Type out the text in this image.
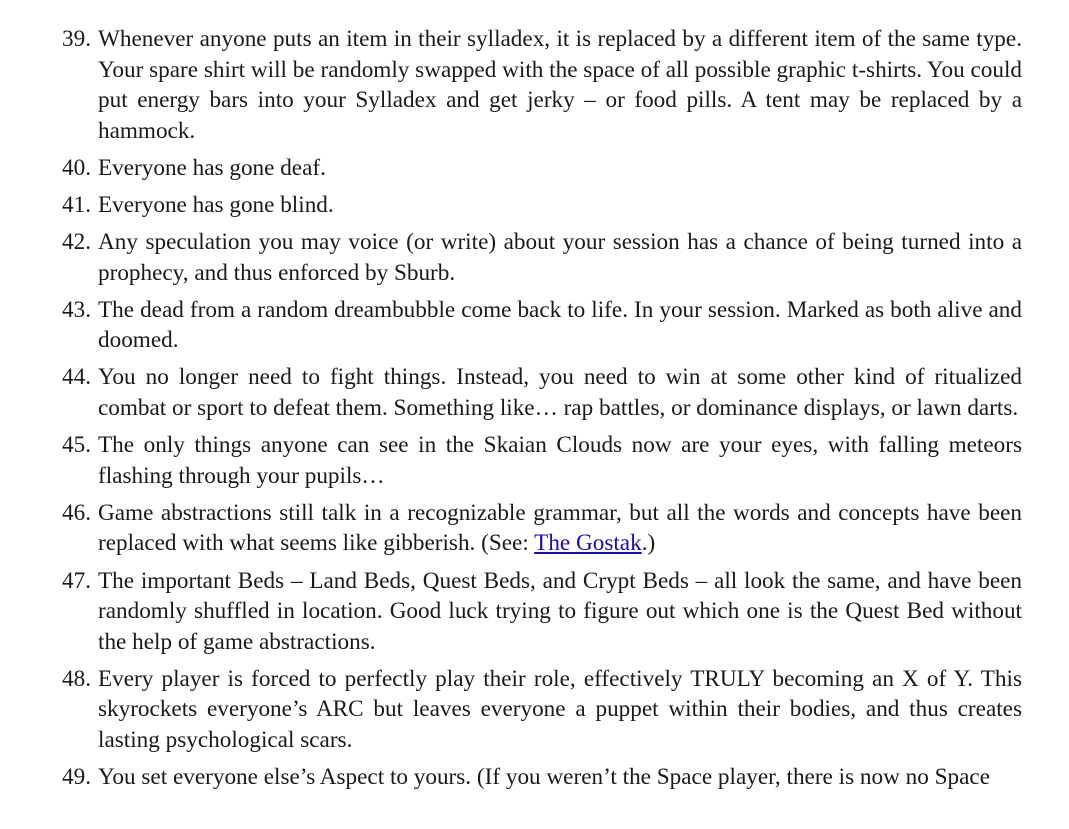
39. Whenever anyone puts an item in their sylladex, it is replaced by a different item of the same type. Your spare shirt will be randomly swapped with the space of all possible graphic t-shirts. You could put energy bars into your Sylladex and get jerky – or food pills. A tent may be replaced by a hammock.
40. Everyone has gone deaf.
41. Everyone has gone blind.
42. Any speculation you may voice (or write) about your session has a chance of being turned into a prophecy, and thus enforced by Sburb.
43. The dead from a random dreambubble come back to life. In your session. Marked as both alive and doomed.
44. You no longer need to fight things. Instead, you need to win at some other kind of ritualized combat or sport to defeat them. Something like… rap battles, or dominance displays, or lawn darts.
45. The only things anyone can see in the Skaian Clouds now are your eyes, with falling meteors flashing through your pupils…
46. Game abstractions still talk in a recognizable grammar, but all the words and concepts have been replaced with what seems like gibberish. (See: The Gostak.)
47. The important Beds – Land Beds, Quest Beds, and Crypt Beds – all look the same, and have been randomly shuffled in location. Good luck trying to figure out which one is the Quest Bed without the help of game abstractions.
48. Every player is forced to perfectly play their role, effectively TRULY becoming an X of Y. This skyrockets everyone’s ARC but leaves everyone a puppet within their bodies, and thus creates lasting psychological scars.
49. You set everyone else’s Aspect to yours. (If you weren’t the Space player, there is now no Space
